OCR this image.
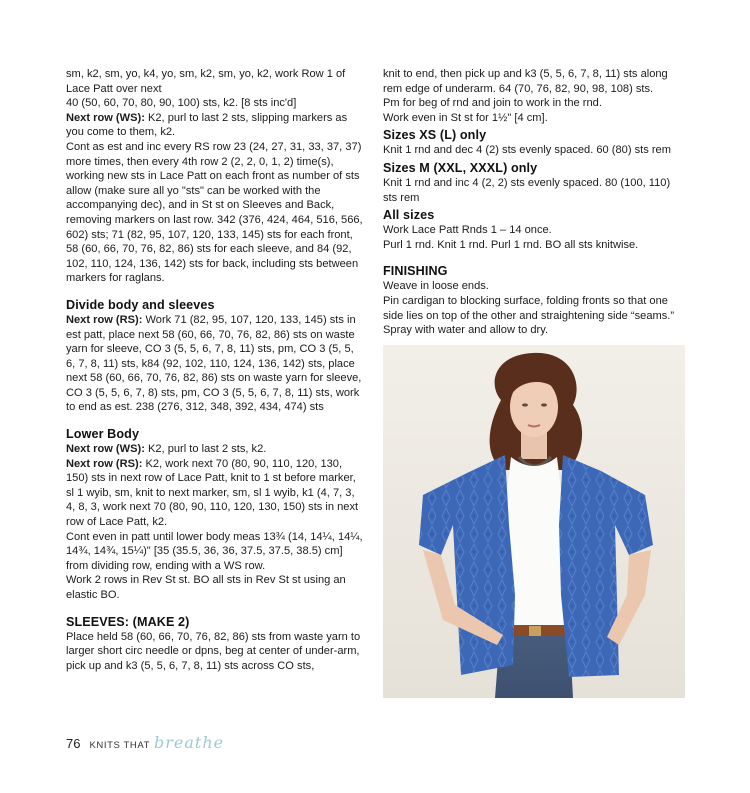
sm, k2, sm, yo, k4, yo, sm, k2, sm, yo, k2, work Row 1 of Lace Patt over next

40 (50, 60, 70, 80, 90, 100) sts, k2. [8 sts inc'd]

Next row (WS): K2, purl to last 2 sts, slipping markers as you come to them, k2.

Cont as est and inc every RS row 23 (24, 27, 31, 33, 37, 37) more times, then every 4th row 2 (2, 2, 0, 1, 2) time(s), working new sts in Lace Patt on each front as number of sts allow (make sure all yo "sts" can be worked with the accompanying dec), and in St st on Sleeves and Back, removing markers on last row. 342 (376, 424, 464, 516, 566, 602) sts; 71 (82, 95, 107, 120, 133, 145) sts for each front, 58 (60, 66, 70, 76, 82, 86) sts for each sleeve, and 84 (92, 102, 110, 124, 136, 142) sts for back, including sts between markers for raglans.

Divide body and sleeves

Next row (RS): Work 71 (82, 95, 107, 120, 133, 145) sts in est patt, place next 58 (60, 66, 70, 76, 82, 86) sts on waste yarn for sleeve, CO 3 (5, 5, 6, 7, 8, 11) sts, pm, CO 3 (5, 5, 6, 7, 8, 11) sts, k84 (92, 102, 110, 124, 136, 142) sts, place next 58 (60, 66, 70, 76, 82, 86) sts on waste yarn for sleeve, CO 3 (5, 5, 6, 7, 8) sts, pm, CO 3 (5, 5, 6, 7, 8, 11) sts, work to end as est. 238 (276, 312, 348, 392, 434, 474) sts

Lower Body

Next row (WS): K2, purl to last 2 sts, k2.

Next row (RS): K2, work next 70 (80, 90, 110, 120, 130, 150) sts in next row of Lace Patt, knit to 1 st before marker, sl 1 wyib, sm, knit to next marker, sm, sl 1 wyib, k1 (4, 7, 3, 4, 8, 3, work next 70 (80, 90, 110, 120, 130, 150) sts in next row of Lace Patt, k2.

Cont even in patt until lower body meas 13¾ (14, 14¼, 14¼, 14¾, 14¾, 15¼)" [35 (35.5, 36, 36, 37.5, 37.5, 38.5) cm] from dividing row, ending with a WS row.

Work 2 rows in Rev St st. BO all sts in Rev St st using an elastic BO.

SLEEVES: (MAKE 2)

Place held 58 (60, 66, 70, 76, 82, 86) sts from waste yarn to larger short circ needle or dpns, beg at center of under-arm, pick up and k3 (5, 5, 6, 7, 8, 11) sts across CO sts,

knit to end, then pick up and k3 (5, 5, 6, 7, 8, 11) sts along rem edge of underarm. 64 (70, 76, 82, 90, 98, 108) sts.

Pm for beg of rnd and join to work in the rnd.

Work even in St st for 1½" [4 cm].

Sizes XS (L) only

Knit 1 rnd and dec 4 (2) sts evenly spaced. 60 (80) sts rem

Sizes M (XXL, XXXL) only

Knit 1 rnd and inc 4 (2, 2) sts evenly spaced. 80 (100, 110) sts rem

All sizes

Work Lace Patt Rnds 1 – 14 once.

Purl 1 rnd. Knit 1 rnd. Purl 1 rnd. BO all sts knitwise.

FINISHING

Weave in loose ends.

Pin cardigan to blocking surface, folding fronts so that one side lies on top of the other and straightening side “seams.” Spray with water and allow to dry.

76 KNITS THAT breathe
